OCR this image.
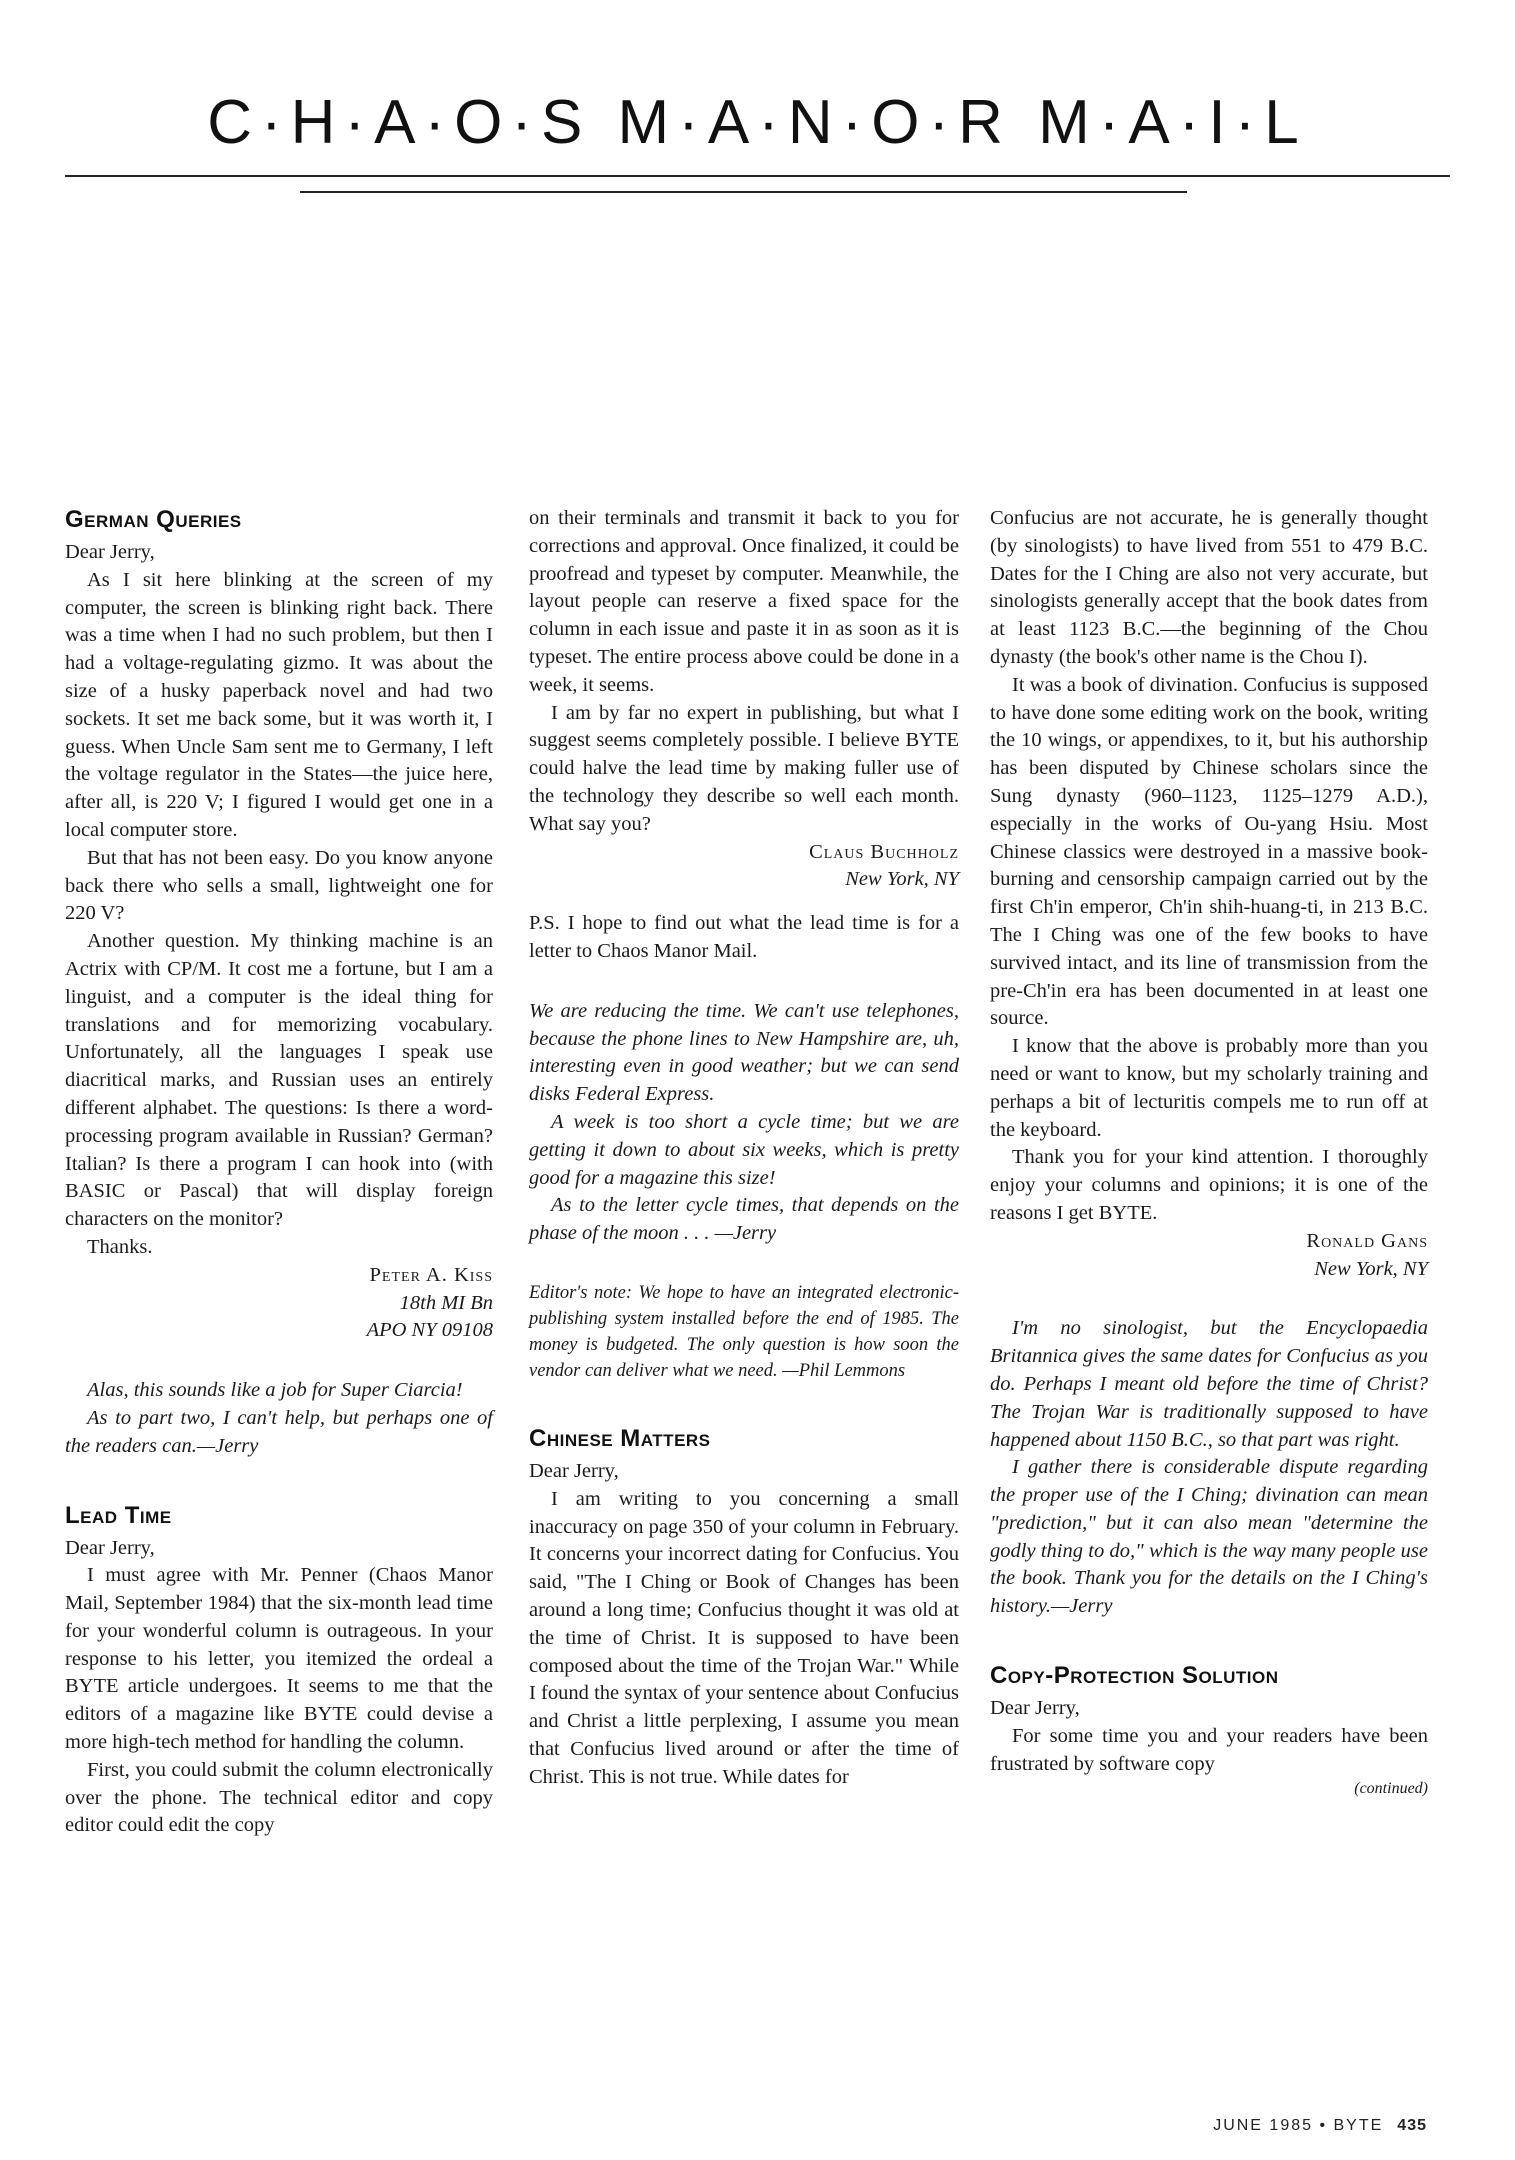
C·H·A·O·S M·A·N·O·R M·A·I·L
German Queries

Dear Jerry,

As I sit here blinking at the screen of my computer, the screen is blinking right back. There was a time when I had no such problem, but then I had a voltage-regulating gizmo. It was about the size of a husky paperback novel and had two sockets. It set me back some, but it was worth it, I guess. When Uncle Sam sent me to Germany, I left the voltage regulator in the States—the juice here, after all, is 220 V; I figured I would get one in a local computer store.

But that has not been easy. Do you know anyone back there who sells a small, lightweight one for 220 V?

Another question. My thinking machine is an Actrix with CP/M. It cost me a fortune, but I am a linguist, and a computer is the ideal thing for translations and for memorizing vocabulary. Unfortunately, all the languages I speak use diacritical marks, and Russian uses an entirely different alphabet. The questions: Is there a word-processing program available in Russian? German? Italian? Is there a program I can hook into (with BASIC or Pascal) that will display foreign characters on the monitor?

Thanks.

Peter A. Kiss

18th MI Bn

APO NY 09108

Alas, this sounds like a job for Super Ciarcia!

As to part two, I can't help, but perhaps one of the readers can.—Jerry

Lead Time

Dear Jerry,

I must agree with Mr. Penner (Chaos Manor Mail, September 1984) that the six-month lead time for your wonderful column is outrageous. In your response to his letter, you itemized the ordeal a BYTE article undergoes. It seems to me that the editors of a magazine like BYTE could devise a more high-tech method for handling the column.

First, you could submit the column electronically over the phone. The technical editor and copy editor could edit the copy

on their terminals and transmit it back to you for corrections and approval. Once finalized, it could be proofread and typeset by computer. Meanwhile, the layout people can reserve a fixed space for the column in each issue and paste it in as soon as it is typeset. The entire process above could be done in a week, it seems.

I am by far no expert in publishing, but what I suggest seems completely possible. I believe BYTE could halve the lead time by making fuller use of the technology they describe so well each month. What say you?

Claus Buchholz

New York, NY

P.S. I hope to find out what the lead time is for a letter to Chaos Manor Mail.

We are reducing the time. We can't use telephones, because the phone lines to New Hampshire are, uh, interesting even in good weather; but we can send disks Federal Express.

A week is too short a cycle time; but we are getting it down to about six weeks, which is pretty good for a magazine this size!

As to the letter cycle times, that depends on the phase of the moon . . . —Jerry

Editor's note: We hope to have an integrated electronic-publishing system installed before the end of 1985. The money is budgeted. The only question is how soon the vendor can deliver what we need. —Phil Lemmons

Chinese Matters

Dear Jerry,

I am writing to you concerning a small inaccuracy on page 350 of your column in February. It concerns your incorrect dating for Confucius. You said, "The I Ching or Book of Changes has been around a long time; Confucius thought it was old at the time of Christ. It is supposed to have been composed about the time of the Trojan War." While I found the syntax of your sentence about Confucius and Christ a little perplexing, I assume you mean that Confucius lived around or after the time of Christ. This is not true. While dates for

Confucius are not accurate, he is generally thought (by sinologists) to have lived from 551 to 479 B.C. Dates for the I Ching are also not very accurate, but sinologists generally accept that the book dates from at least 1123 B.C.—the beginning of the Chou dynasty (the book's other name is the Chou I).

It was a book of divination. Confucius is supposed to have done some editing work on the book, writing the 10 wings, or appendixes, to it, but his authorship has been disputed by Chinese scholars since the Sung dynasty (960–1123, 1125–1279 A.D.), especially in the works of Ou-yang Hsiu. Most Chinese classics were destroyed in a massive book-burning and censorship campaign carried out by the first Ch'in emperor, Ch'in shih-huang-ti, in 213 B.C. The I Ching was one of the few books to have survived intact, and its line of transmission from the pre-Ch'in era has been documented in at least one source.

I know that the above is probably more than you need or want to know, but my scholarly training and perhaps a bit of lecturitis compels me to run off at the keyboard.

Thank you for your kind attention. I thoroughly enjoy your columns and opinions; it is one of the reasons I get BYTE.

Ronald Gans

New York, NY

I'm no sinologist, but the Encyclopaedia Britannica gives the same dates for Confucius as you do. Perhaps I meant old before the time of Christ? The Trojan War is traditionally supposed to have happened about 1150 B.C., so that part was right.

I gather there is considerable dispute regarding the proper use of the I Ching; divination can mean "prediction," but it can also mean "determine the godly thing to do," which is the way many people use the book. Thank you for the details on the I Ching's history.—Jerry

Copy-Protection Solution

Dear Jerry,

For some time you and your readers have been frustrated by software copy

(continued)

JUNE 1985 • BYTE 435
